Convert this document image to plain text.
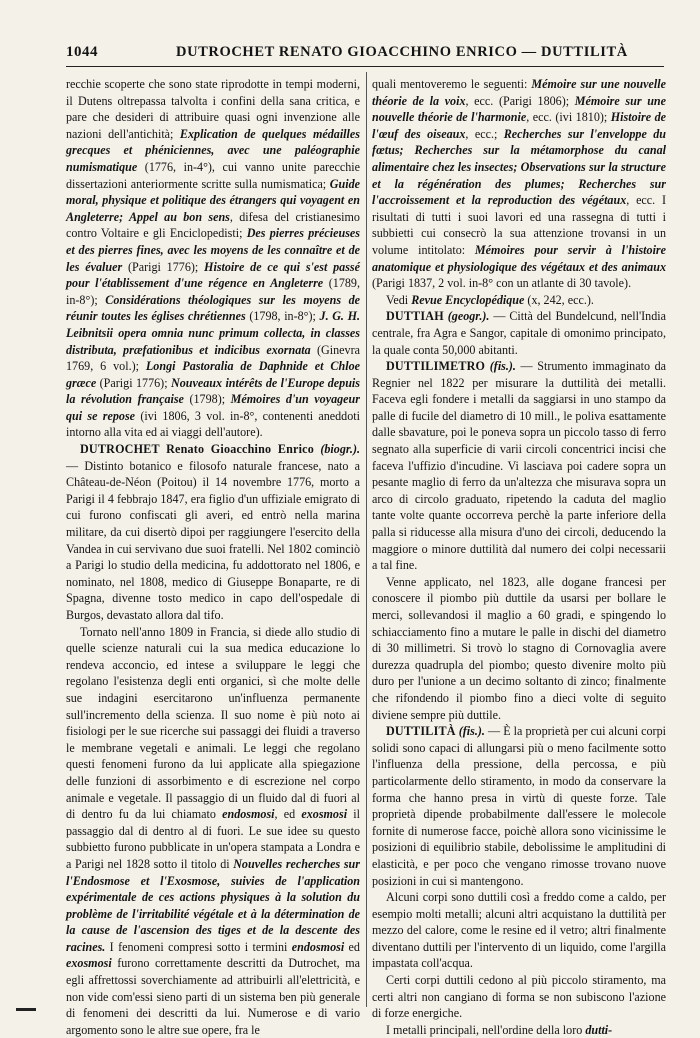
1044	DUTROCHET RENATO GIOACCHINO ENRICO — DUTTILITÀ

recchie scoperte che sono state riprodotte in tempi moderni, il Dutens oltrepassa talvolta i confini della sana critica, e pare che desideri di attribuire quasi ogni invenzione alle nazioni dell'antichità; Explication de quelques médailles grecques et phéniciennes, avec une paléographie numismatique (1776, in-4°), cui vanno unite parecchie dissertazioni anteriormente scritte sulla numismatica; Guide moral, physique et politique des étrangers qui voyagent en Angleterre; Appel au bon sens, difesa del cristianesimo contro Voltaire e gli Enciclopedisti; Des pierres précieuses et des pierres fines, avec les moyens de les connaître et de les évaluer (Parigi 1776); Histoire de ce qui s'est passé pour l'établissement d'une régence en Angleterre (1789, in-8°); Considérations théologiques sur les moyens de réunir toutes les églises chrétiennes (1798, in-8°); J. G. H. Leibnitsii opera omnia nunc primum collecta, in classes distributa, præfationibus et indicibus exornata (Ginevra 1769, 6 vol.); Longi Pastoralia de Daphnide et Chloe græce (Parigi 1776); Nouveaux intérêts de l'Europe depuis la révolution française (1798); Mémoires d'un voyageur qui se repose (ivi 1806, 3 vol. in-8°, contenenti aneddoti intorno alla vita ed ai viaggi dell'autore).

DUTROCHET Renato Gioacchino Enrico (biogr.). — Distinto botanico e filosofo naturale francese, nato a Château-de-Néon (Poitou) il 14 novembre 1776, morto a Parigi il 4 febbrajo 1847, era figlio d'un uffiziale emigrato di cui furono confiscati gli averi, ed entrò nella marina militare, da cui disertò dipoi per raggiungere l'esercito della Vandea in cui servivano due suoi fratelli. Nel 1802 cominciò a Parigi lo studio della medicina, fu addottorato nel 1806, e nominato, nel 1808, medico di Giuseppe Bonaparte, re di Spagna, divenne tosto medico in capo dell'ospedale di Burgos, devastato allora dal tifo.

Tornato nell'anno 1809 in Francia, si diede allo studio di quelle scienze naturali cui la sua medica educazione lo rendeva acconcio, ed intese a sviluppare le leggi che regolano l'esistenza degli enti organici, sì che molte delle sue indagini esercitarono un'influenza permanente sull'incremento della scienza. Il suo nome è più noto ai fisiologi per le sue ricerche sui passaggi dei fluidi a traverso le membrane vegetali e animali. Le leggi che regolano questi fenomeni furono da lui applicate alla spiegazione delle funzioni di assorbimento e di escrezione nel corpo animale e vegetale. Il passaggio di un fluido dal di fuori al di dentro fu da lui chiamato endosmosi, ed exosmosi il passaggio dal di dentro al di fuori. Le sue idee su questo subbietto furono pubblicate in un'opera stampata a Londra e a Parigi nel 1828 sotto il titolo di Nouvelles recherches sur l'Endosmose et l'Exosmose, suivies de l'application expérimentale de ces actions physiques à la solution du problème de l'irritabilité végétale et à la détermination de la cause de l'ascension des tiges et de la descente des racines. I fenomeni compresi sotto i termini endosmosi ed exosmosi furono correttamente descritti da Dutrochet, ma egli affrettossi soverchiamente ad attribuirli all'elettricità, e non vide com'essi sieno parti di un sistema ben più generale di fenomeni dei descritti da lui. Numerose e di vario argomento sono le altre sue opere, fra le

quali mentoveremo le seguenti: Mémoire sur une nouvelle théorie de la voix, ecc. (Parigi 1806); Mémoire sur une nouvelle théorie de l'harmonie, ecc. (ivi 1810); Histoire de l'œuf des oiseaux, ecc.; Recherches sur l'enveloppe du fœtus; Recherches sur la métamorphose du canal alimentaire chez les insectes; Observations sur la structure et la régénération des plumes; Recherches sur l'accroissement et la reproduction des végétaux, ecc. I risultati di tutti i suoi lavori ed una rassegna di tutti i subbietti cui consecrò la sua attenzione trovansi in un volume intitolato: Mémoires pour servir à l'histoire anatomique et physiologique des végétaux et des animaux (Parigi 1837, 2 vol. in-8° con un atlante di 30 tavole).

Vedi Revue Encyclopédique (x, 242, ecc.).

DUTTIAH (geogr.). — Città del Bundelcund, nell'India centrale, fra Agra e Sangor, capitale di omonimo principato, la quale conta 50,000 abitanti.

DUTTILIMETRO (fis.). — Strumento immaginato da Regnier nel 1822 per misurare la duttilità dei metalli. Faceva egli fondere i metalli da saggiarsi in uno stampo da palle di fucile del diametro di 10 mill., le poliva esattamente dalle sbavature, poi le poneva sopra un piccolo tasso di ferro segnato alla superficie di varii circoli concentrici incisi che faceva l'uffizio d'incudine. Vi lasciava poi cadere sopra un pesante maglio di ferro da un'altezza che misurava sopra un arco di circolo graduato, ripetendo la caduta del maglio tante volte quante occorreva perchè la parte inferiore della palla si riducesse alla misura d'uno dei circoli, deducendo la maggiore o minore duttilità dal numero dei colpi necessarii a tal fine.

Venne applicato, nel 1823, alle dogane francesi per conoscere il piombo più duttile da usarsi per bollare le merci, sollevandosi il maglio a 60 gradi, e spingendo lo schiacciamento fino a mutare le palle in dischi del diametro di 30 millimetri. Si trovò lo stagno di Cornovaglia avere durezza quadrupla del piombo; questo divenire molto più duro per l'unione a un decimo soltanto di zinco; finalmente che rifondendo il piombo fino a dieci volte di seguito diviene sempre più duttile.

DUTTILITÀ (fis.). — È la proprietà per cui alcuni corpi solidi sono capaci di allungarsi più o meno facilmente sotto l'influenza della pressione, della percossa, e più particolarmente dello stiramento, in modo da conservare la forma che hanno presa in virtù di queste forze. Tale proprietà dipende probabilmente dall'essere le molecole fornite di numerose facce, poichè allora sono vicinissime le posizioni di equilibrio stabile, debolissime le amplitudini di elasticità, e per poco che vengano rimosse trovano nuove posizioni in cui si mantengono.

Alcuni corpi sono duttili così a freddo come a caldo, per esempio molti metalli; alcuni altri acquistano la duttilità per mezzo del calore, come le resine ed il vetro; altri finalmente diventano duttili per l'intervento di un liquido, come l'argilla impastata coll'acqua.

Certi corpi duttili cedono al più piccolo stiramento, ma certi altri non cangiano di forma se non subiscono l'azione di forze energiche.

I metalli principali, nell'ordine della loro dutti-
